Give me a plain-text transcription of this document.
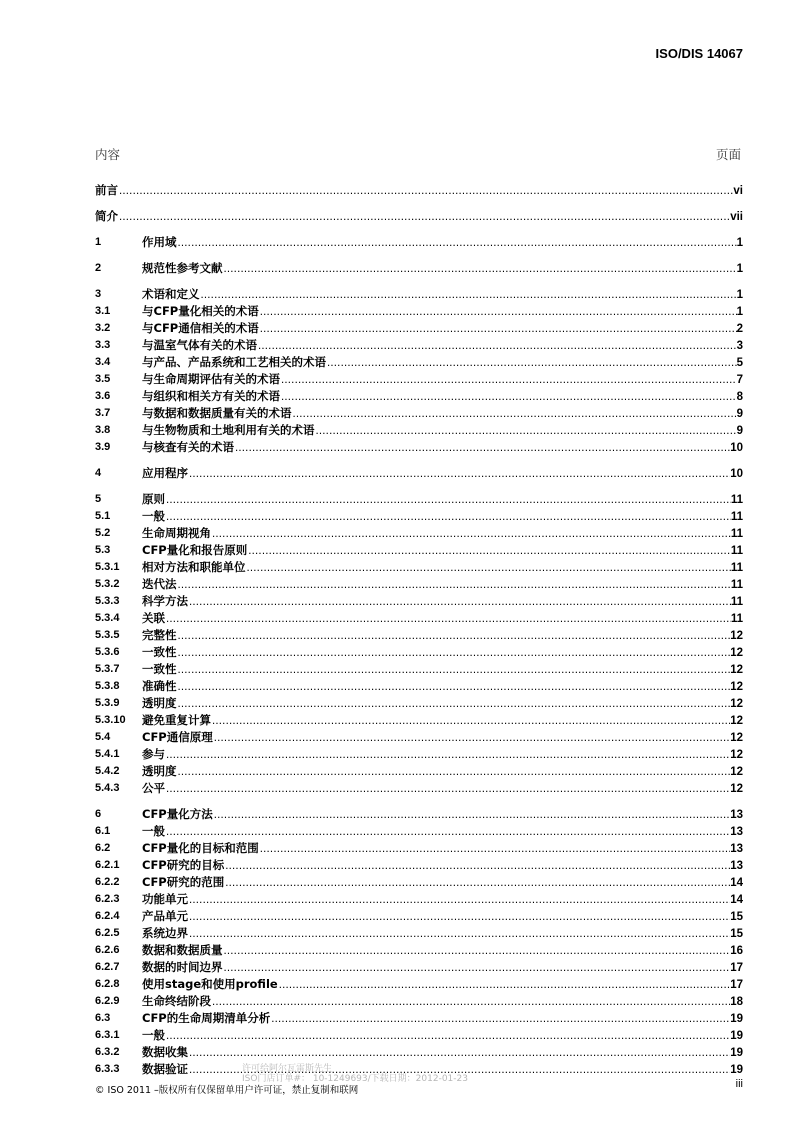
ISO/DIS 14067
内容	页面
前言 .....	vi
简介 .....	vii
1	作用域 .....	1
2	规范性参考文献 .....	1
3	术语和定义 .....	1
3.1	与CFP量化相关的术语 .....	1
3.2	与CFP通信相关的术语 .....	2
3.3	与温室气体有关的术语 .....	3
3.4	与产品、产品系统和工艺相关的术语 .....	5
3.5	与生命周期评估有关的术语 .....	7
3.6	与组织和相关方有关的术语 .....	8
3.7	与数据和数据质量有关的术语 .....	9
3.8	与生物物质和土地利用有关的术语 .....	9
3.9	与核查有关的术语 .....	10
4	应用程序 .....	10
5	原则 .....	11
5.1	一般 .....	11
5.2	生命周期视角 .....	11
5.3	CFP量化和报告原则 .....	11
5.3.1	相对方法和职能单位 .....	11
5.3.2	迭代法 .....	11
5.3.3	科学方法 .....	11
5.3.4	关联 .....	11
5.3.5	完整性 .....	12
5.3.6	一致性 .....	12
5.3.7	一致性 .....	12
5.3.8	准确性 .....	12
5.3.9	透明度 .....	12
5.3.10	避免重复计算 .....	12
5.4	CFP通信原理 .....	12
5.4.1	参与 .....	12
5.4.2	透明度 .....	12
5.4.3	公平 .....	12
6	CFP量化方法 .....	13
6.1	一般 .....	13
6.2	CFP量化的目标和范围 .....	13
6.2.1	CFP研究的目标 .....	13
6.2.2	CFP研究的范围 .....	14
6.2.3	功能单元 .....	14
6.2.4	产品单元 .....	15
6.2.5	系统边界 .....	15
6.2.6	数据和数据质量 .....	16
6.2.7	数据的时间边界 .....	17
6.2.8	使用stage和使用profile .....	17
6.2.9	生命终结阶段 .....	18
6.3	CFP的生命周期清单分析 .....	19
6.3.1	一般 .....	19
6.3.2	数据收集 .....	19
6.3.3	数据验证 .....	19
许可给阿尔瓦雷斯先生
ISO门店订单#： 10-1249693/下载日期：2012-01-23
© ISO 2011 –版权所有仅保留单用户许可证，禁止复制和联网
iii
